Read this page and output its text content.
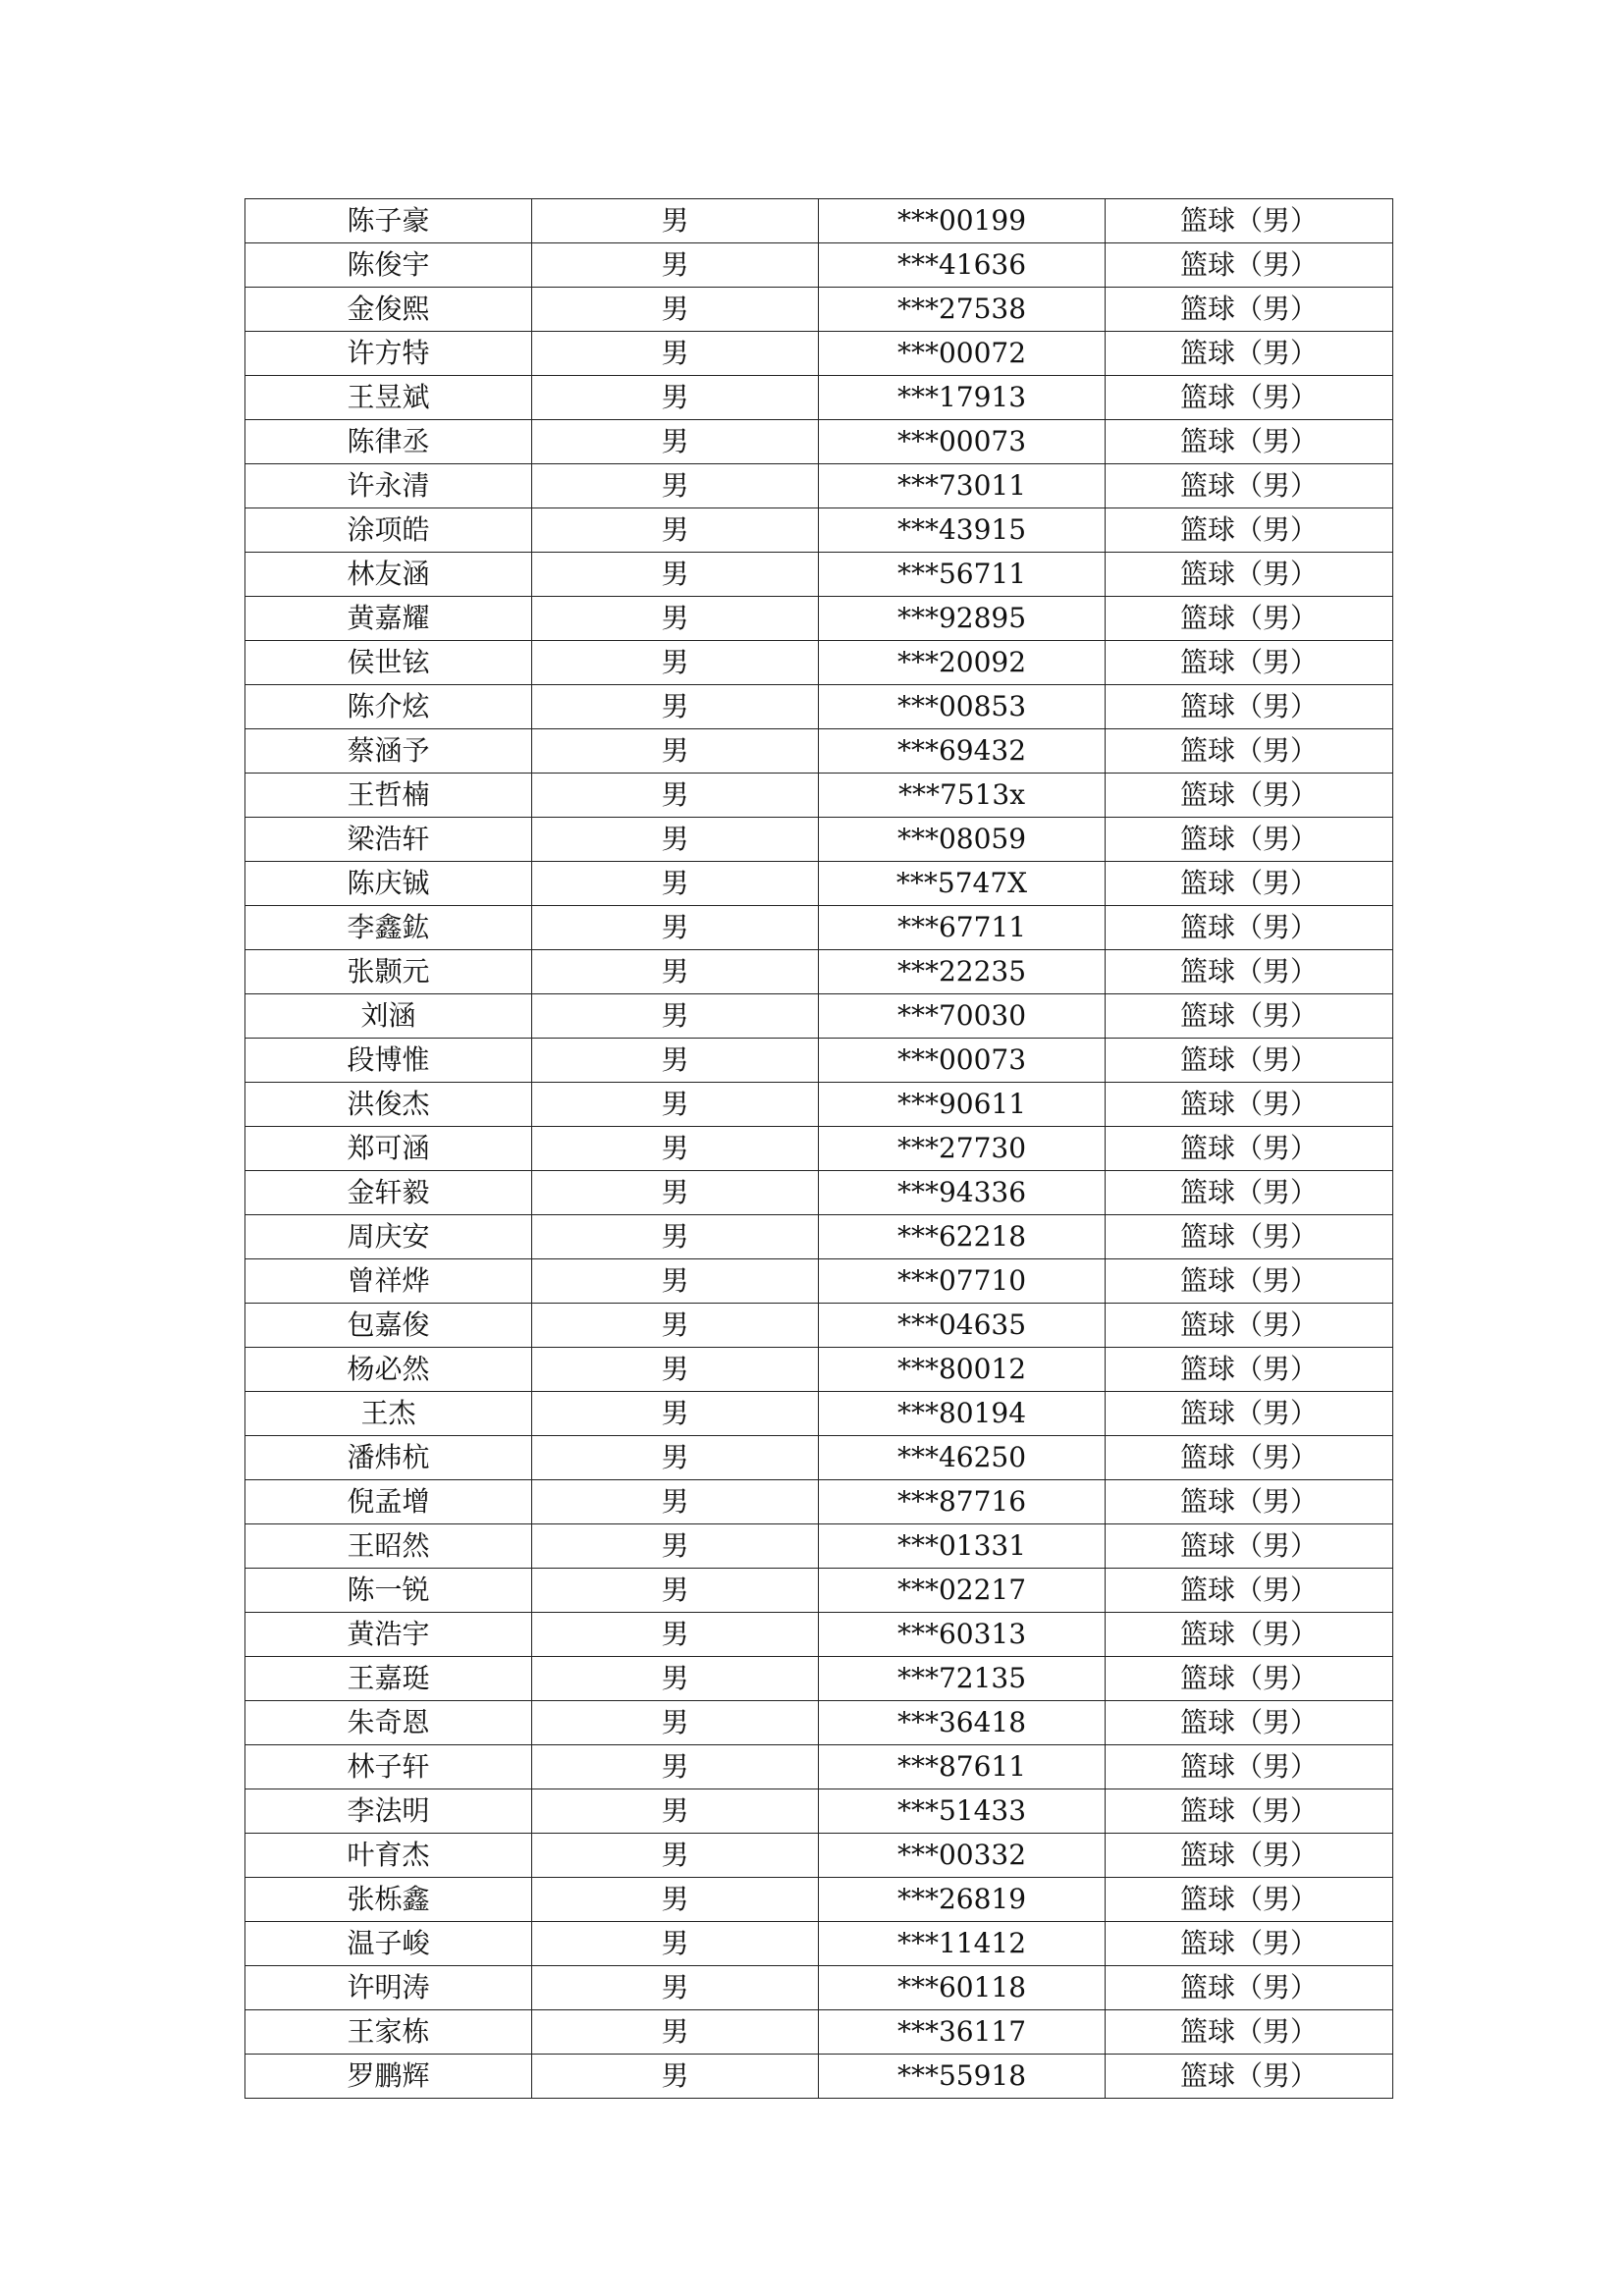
陈子豪	男	***00199	篮球（男）
陈俊宇	男	***41636	篮球（男）
金俊熙	男	***27538	篮球（男）
许方特	男	***00072	篮球（男）
王昱斌	男	***17913	篮球（男）
陈律丞	男	***00073	篮球（男）
许永清	男	***73011	篮球（男）
涂项皓	男	***43915	篮球（男）
林友涵	男	***56711	篮球（男）
黄嘉耀	男	***92895	篮球（男）
侯世铉	男	***20092	篮球（男）
陈介炫	男	***00853	篮球（男）
蔡涵予	男	***69432	篮球（男）
王哲楠	男	***7513x	篮球（男）
梁浩轩	男	***08059	篮球（男）
陈庆铖	男	***5747X	篮球（男）
李鑫鈜	男	***67711	篮球（男）
张颢元	男	***22235	篮球（男）
刘涵	男	***70030	篮球（男）
段博惟	男	***00073	篮球（男）
洪俊杰	男	***90611	篮球（男）
郑可涵	男	***27730	篮球（男）
金轩毅	男	***94336	篮球（男）
周庆安	男	***62218	篮球（男）
曾祥烨	男	***07710	篮球（男）
包嘉俊	男	***04635	篮球（男）
杨必然	男	***80012	篮球（男）
王杰	男	***80194	篮球（男）
潘炜杭	男	***46250	篮球（男）
倪孟增	男	***87716	篮球（男）
王昭然	男	***01331	篮球（男）
陈一锐	男	***02217	篮球（男）
黄浩宇	男	***60313	篮球（男）
王嘉珽	男	***72135	篮球（男）
朱奇恩	男	***36418	篮球（男）
林子轩	男	***87611	篮球（男）
李法明	男	***51433	篮球（男）
叶育杰	男	***00332	篮球（男）
张栎鑫	男	***26819	篮球（男）
温子峻	男	***11412	篮球（男）
许明涛	男	***60118	篮球（男）
王家栋	男	***36117	篮球（男）
罗鹏辉	男	***55918	篮球（男）
